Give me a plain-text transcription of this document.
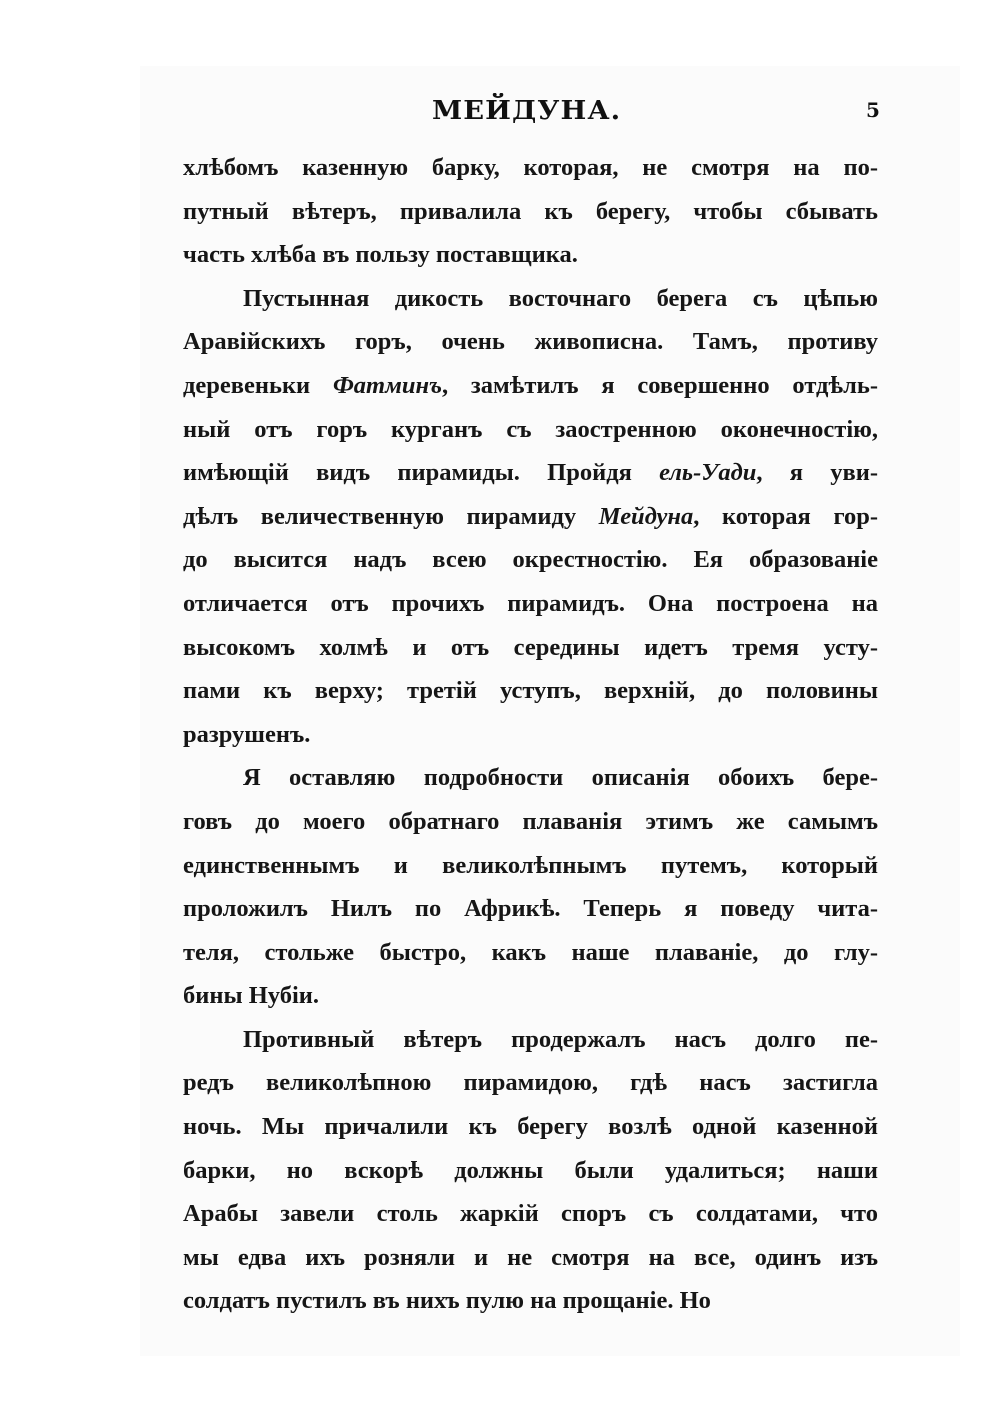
МЕЙДУНА.	5
хлѣбомъ казенную барку, которая, не смотря на по-
путный вѣтеръ, привалила къ берегу, чтобы сбывать
часть хлѣба въ пользу поставщика.
Пустынная дикость восточнаго берега съ цѣпью
Аравійскихъ горъ, очень живописна. Тамъ, противу
деревеньки Фатминъ, замѣтилъ я совершенно отдѣль-
ный отъ горъ курганъ съ заостренною оконечностію,
имѣющій видъ пирамиды. Пройдя ель-Уади, я уви-
дѣлъ величественную пирамиду Мейдуна, которая гор-
до высится надъ всею окрестностію. Ея образованіе
отличается отъ прочихъ пирамидъ. Она построена на
высокомъ холмѣ и отъ середины идетъ тремя усту-
пами къ верху; третій уступъ, верхній, до половины
разрушенъ.
Я оставляю подробности описанія обоихъ бере-
говъ до моего обратнаго плаванія этимъ же самымъ
единственнымъ и великолѣпнымъ путемъ, который
проложилъ Нилъ по Африкѣ. Теперь я поведу чита-
теля, стольже быстро, какъ наше плаваніе, до глу-
бины Нубіи.
Противный вѣтеръ продержалъ насъ долго пе-
редъ великолѣпною пирамидою, гдѣ насъ застигла
ночь. Мы причалили къ берегу возлѣ одной казенной
барки, но вскорѣ должны были удалиться; наши
Арабы завели столь жаркій споръ съ солдатами, что
мы едва ихъ розняли и не смотря на все, одинъ изъ
солдатъ пустилъ въ нихъ пулю на прощаніе. Но
